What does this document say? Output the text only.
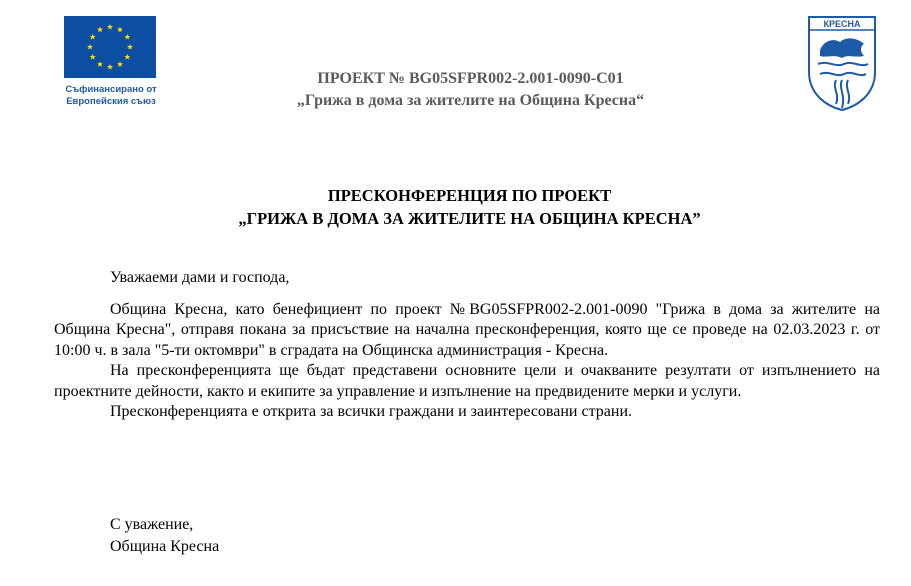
Съфинансирано от
Европейския съюз
ПРОЕКТ № BG05SFPR002-2.001-0090-C01
„Грижа в дома за жителите на Община Кресна“
КРЕСНА
ПРЕСКОНФЕРЕНЦИЯ ПО ПРОЕКТ
„ГРИЖА В ДОМА ЗА ЖИТЕЛИТЕ НА ОБЩИНА КРЕСНА”

Уважаеми дами и господа,

Община Кресна, като бенефициент по проект №BG05SFPR002-2.001-0090 "Грижа в дома за жителите на Община Кресна", отправя покана за присъствие на начална пресконференция, която ще се проведе на 02.03.2023 г. от 10:00 ч. в зала "5-ти октомври" в сградата на Общинска администрация - Кресна.

На пресконференцията ще бъдат представени основните цели и очакваните резултати от изпълнението на проектните дейности, както и екипите за управление и изпълнение на предвидените мерки и услуги.

Пресконференцията е открита за всички граждани и заинтересовани страни.

С уважение,
Община Кресна
